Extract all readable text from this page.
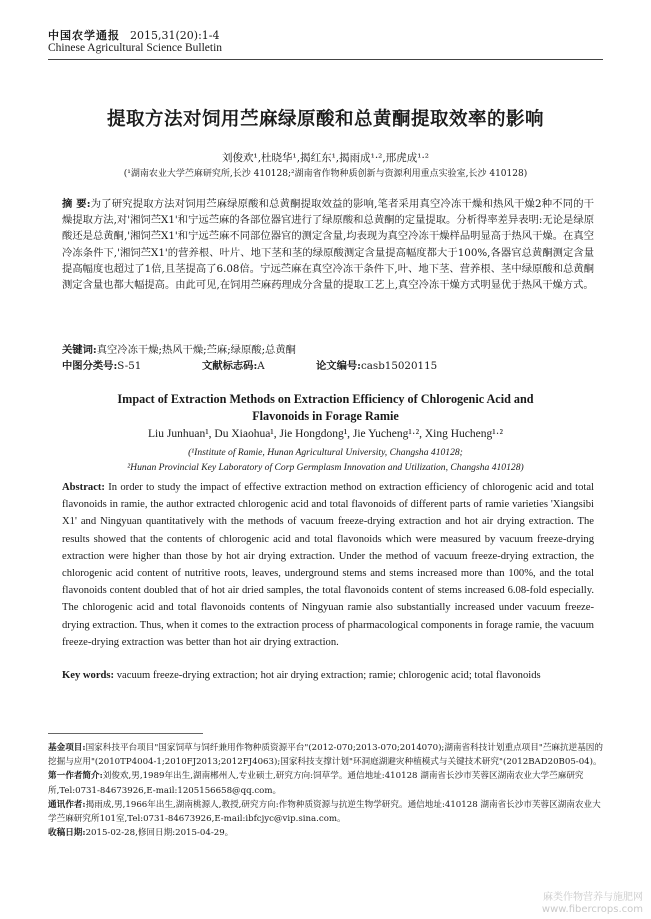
中国农学通报 2015,31(20):1-4
Chinese Agricultural Science Bulletin
提取方法对饲用苎麻绿原酸和总黄酮提取效率的影响
刘俊欢¹,杜晓华¹,揭红东¹,揭雨成¹·²,邢虎成¹·²
(¹湖南农业大学苎麻研究所,长沙 410128;²湖南省作物种质创新与资源利用重点实验室,长沙 410128)
摘 要:为了研究提取方法对饲用苎麻绿原酸和总黄酮提取效益的影响,笔者采用真空冷冻干燥和热风干燥2种不同的干燥提取方法,对'湘饲苎X1'和宁远苎麻的各部位器官进行了绿原酸和总黄酮的定量提取。分析得率差异表明:无论是绿原酸还是总黄酮,'湘饲苎X1'和宁远苎麻不同部位器官的测定含量,均表现为真空冷冻干燥样品明显高于热风干燥。在真空冷冻条件下,'湘饲苎X1'的营养根、叶片、地下茎和茎的绿原酸测定含量提高幅度都大于100%,各器官总黄酮测定含量提高幅度也超过了1倍,且茎提高了6.08倍。宁远苎麻在真空冷冻干条件下,叶、地下茎、营养根、茎中绿原酸和总黄酮测定含量也都大幅提高。由此可见,在饲用苎麻药理成分含量的提取工艺上,真空冷冻干燥方式明显优于热风干燥方式。
关键词:真空冷冻干燥;热风干燥;苎麻;绿原酸;总黄酮
中图分类号:S-51	文献标志码:A	论文编号:casb15020115
Impact of Extraction Methods on Extraction Efficiency of Chlorogenic Acid and
Flavonoids in Forage Ramie
Liu Junhuan¹, Du Xiaohua¹, Jie Hongdong¹, Jie Yucheng¹·², Xing Hucheng¹·²
(¹Institute of Ramie, Hunan Agricultural University, Changsha 410128;
²Hunan Provincial Key Laboratory of Corp Germplasm Innovation and Utilization, Changsha 410128)
Abstract: In order to study the impact of effective extraction method on extraction efficiency of chlorogenic acid and total flavonoids in ramie, the author extracted chlorogenic acid and total flavonoids of different parts of ramie varieties 'Xiangsibi X1' and Ningyuan quantitatively with the methods of vacuum freeze-drying extraction and hot air drying extraction. The results showed that the contents of chlorogenic acid and total flavonoids which were measured by vacuum freeze-drying extraction were higher than those by hot air drying extraction. Under the method of vacuum freeze-drying extraction, the chlorogenic acid content of nutritive roots, leaves, underground stems and stems increased more than 100%, and the total flavonoids content doubled that of hot air dried samples, the total flavonoids content of stems increased 6.08-fold especially. The chlorogenic acid and total flavonoids contents of Ningyuan ramie also substantially increased under vacuum freeze-drying extraction. Thus, when it comes to the extraction process of pharmacological components in forage ramie, the vacuum freeze-drying extraction was better than hot air drying extraction.
Key words: vacuum freeze-drying extraction; hot air drying extraction; ramie; chlorogenic acid; total flavonoids

基金项目:国家科技平台项目"国家饲草与饲纤兼用作物种质资源平台"(2012-070;2013-070;2014070);湖南省科技计划重点项目"苎麻抗逆基因的挖掘与应用"(2010TP4004-1;2010FJ2013;2012FJ4063);国家科技支撑计划"环洞庭湖避灾种植模式与关键技术研究"(2012BAD20B05-04)。

第一作者简介:刘俊欢,男,1989年出生,湖南郴州人,专业硕士,研究方向:饲草学。通信地址:410128 湖南省长沙市芙蓉区湖南农业大学苎麻研究所,Tel:0731-84673926,E-mail:1205156658@qq.com。

通讯作者:揭雨成,男,1966年出生,湖南桃源人,教授,研究方向:作物种质资源与抗逆生物学研究。通信地址:410128 湖南省长沙市芙蓉区湖南农业大学苎麻研究所101室,Tel:0731-84673926,E-mail:ibfcjyc@vip.sina.com。

收稿日期:2015-02-28,修回日期:2015-04-29。

麻类作物营养与施肥网
www.fibercrops.com
